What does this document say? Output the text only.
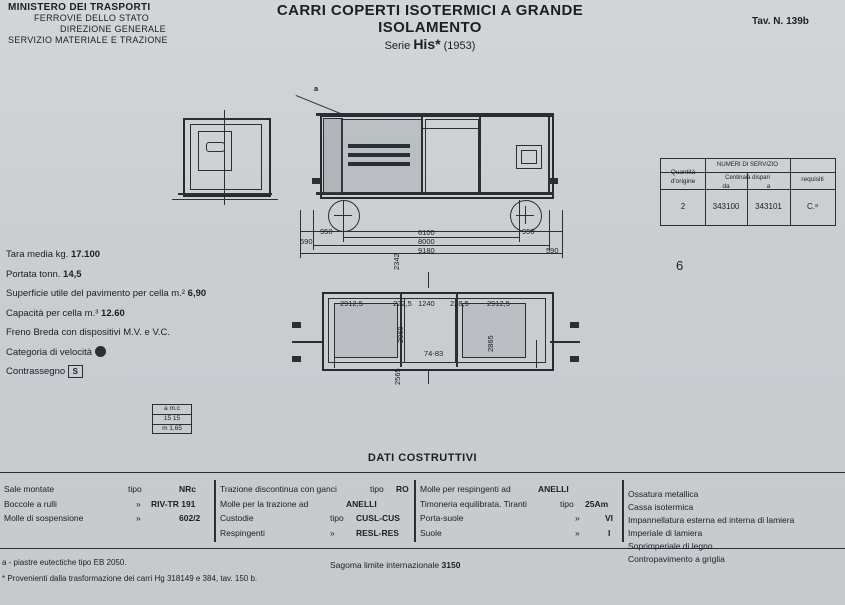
MINISTERO DEI TRASPORTI
FERROVIE DELLO STATO
DIREZIONE GENERALE
SERVIZIO MATERIALE E TRAZIONE
CARRI COPERTI ISOTERMICI A GRANDE ISOLAMENTO
Serie His* (1953)
Tav. N. 139b
a
950	950
6100
8000
9180
590
590
2912,5	222,5 1240 228,5 2912,5
2342
2069
2865
2565
74-83
NUMERI DI SERVIZIO
Quantità
d'origine	Centinaia dispari
da	a
requisiti
2	343100	343101	C.ᵃ
6
Tara media kg. 17.100
Portata tonn. 14,5
Superficie utile del pavimento per cella m.² 6,90
Capacità per cella m.³ 12.60
Freno Breda con dispositivi M.V. e V.C.
Categoria di velocità
Contrassegno S
a m.c
15 15
m 1,65
DATI COSTRUTTIVI
Sale montate	tipo	NRc
Boccole a rulli	» RIV-TR 191
Molle di sospensione	»	602/2
Trazione discontinua con ganci	tipo RO
Molle per la trazione ad	ANELLI
Custodie	tipo CUSL-CUS
Respingenti	»	RESL-RES
Molle per respingenti ad	ANELLI
Timoneria equilibrata. Tiranti	tipo 25Am
Porta-suole	»	VI
Suole	»	I
Ossatura metallica
Cassa isotermica
Impannellatura esterna ed interna di lamiera
Imperiale di lamiera
Soprimperiale di legno
Contropavimento a griglia
a - piastre eutectiche tipo EB 2050.
* Provenienti dalla trasformazione dei carri Hg 318149 e 384, tav. 150 b.
Sagoma limite internazionale 3150
